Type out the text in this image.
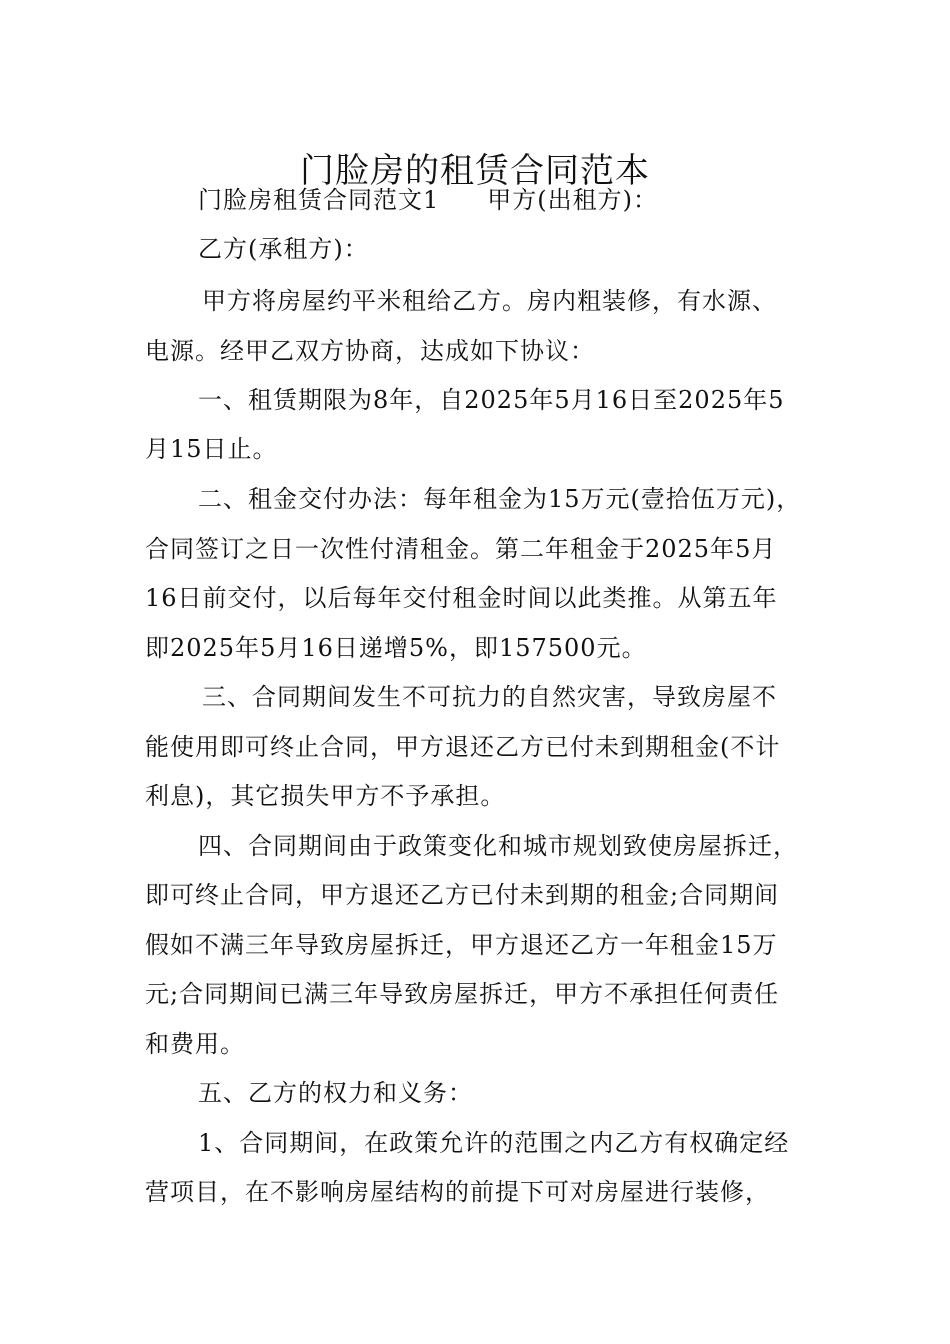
门脸房的租赁合同范本
门脸房租赁合同范文1 甲方(出租方)：
乙方(承租方)：
甲方将房屋约平米租给乙方。房内粗装修，有水源、
电源。经甲乙双方协商，达成如下协议：
一、租赁期限为8年，自2025年5月16日至2025年5
月15日止。
二、租金交付办法：每年租金为15万元(壹拾伍万元)，
合同签订之日一次性付清租金。第二年租金于2025年5月
16日前交付，以后每年交付租金时间以此类推。从第五年
即2025年5月16日递增5%，即157500元。
三、合同期间发生不可抗力的自然灾害，导致房屋不
能使用即可终止合同，甲方退还乙方已付未到期租金(不计
利息)，其它损失甲方不予承担。
四、合同期间由于政策变化和城市规划致使房屋拆迁，
即可终止合同，甲方退还乙方已付未到期的租金;合同期间
假如不满三年导致房屋拆迁，甲方退还乙方一年租金15万
元;合同期间已满三年导致房屋拆迁，甲方不承担任何责任
和费用。
五、乙方的权力和义务：
1、合同期间，在政策允许的范围之内乙方有权确定经
营项目，在不影响房屋结构的前提下可对房屋进行装修，
